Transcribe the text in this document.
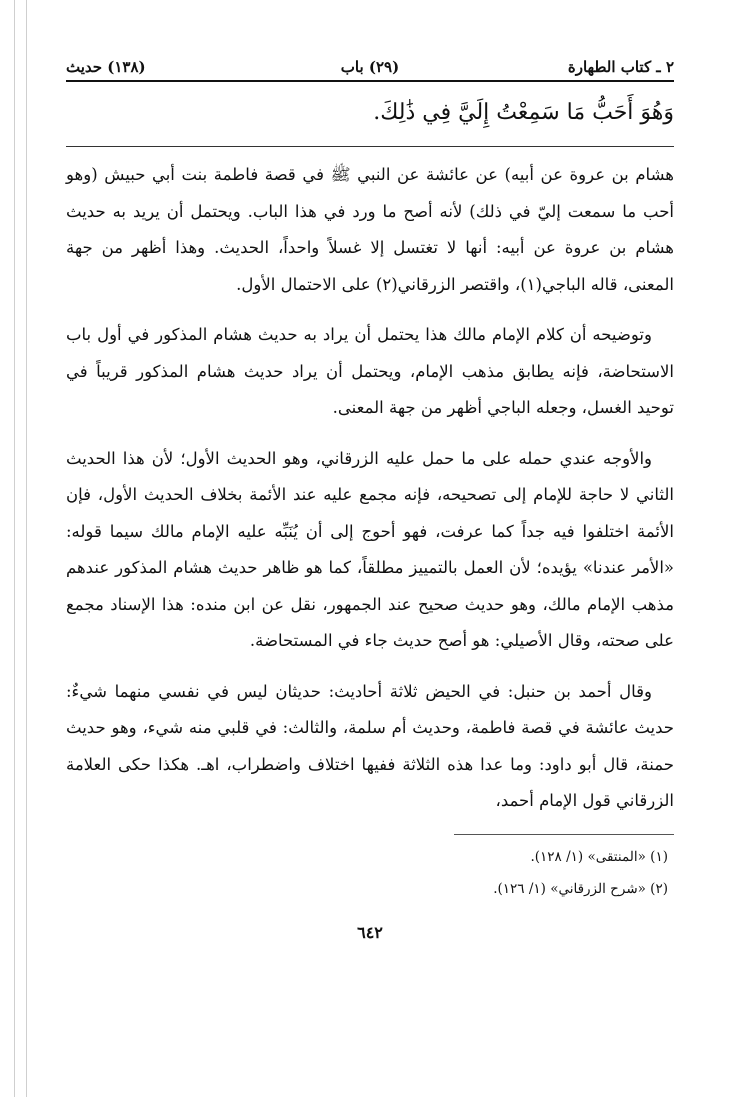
٢ ـ كتاب الطهارة
(٢٩) باب
(١٣٨) حديث
وَهُوَ أَحَبُّ مَا سَمِعْتُ إِلَيَّ فِي ذَٰلِكَ.

هشام بن عروة عن أبيه) عن عائشة عن النبي ﷺ في قصة فاطمة بنت أبي حبيش (وهو أحب ما سمعت إليّ في ذلك) لأنه أصح ما ورد في هذا الباب. ويحتمل أن يريد به حديث هشام بن عروة عن أبيه: أنها لا تغتسل إلا غسلاً واحداً، الحديث. وهذا أظهر من جهة المعنى، قاله الباجي(١)، واقتصر الزرقاني(٢) على الاحتمال الأول.

وتوضيحه أن كلام الإمام مالك هذا يحتمل أن يراد به حديث هشام المذكور في أول باب الاستحاضة، فإنه يطابق مذهب الإمام، ويحتمل أن يراد حديث هشام المذكور قريباً في توحيد الغسل، وجعله الباجي أظهر من جهة المعنى.

والأوجه عندي حمله على ما حمل عليه الزرقاني، وهو الحديث الأول؛ لأن هذا الحديث الثاني لا حاجة للإمام إلى تصحيحه، فإنه مجمع عليه عند الأئمة بخلاف الحديث الأول، فإن الأئمة اختلفوا فيه جداً كما عرفت، فهو أحوج إلى أن يُنَبِّه عليه الإمام مالك سيما قوله: «الأمر عندنا» يؤيده؛ لأن العمل بالتمييز مطلقاً، كما هو ظاهر حديث هشام المذكور عندهم مذهب الإمام مالك، وهو حديث صحيح عند الجمهور، نقل عن ابن منده: هذا الإسناد مجمع على صحته، وقال الأصيلي: هو أصح حديث جاء في المستحاضة.

وقال أحمد بن حنبل: في الحيض ثلاثة أحاديث: حديثان ليس في نفسي منهما شيءٌ: حديث عائشة في قصة فاطمة، وحديث أم سلمة، والثالث: في قلبي منه شيء، وهو حديث حمنة، قال أبو داود: وما عدا هذه الثلاثة ففيها اختلاف واضطراب، اهـ. هكذا حكى العلامة الزرقاني قول الإمام أحمد،

(١) «المنتقى» (١/ ١٢٨).
(٢) «شرح الزرقاني» (١/ ١٢٦).
٦٤٢
